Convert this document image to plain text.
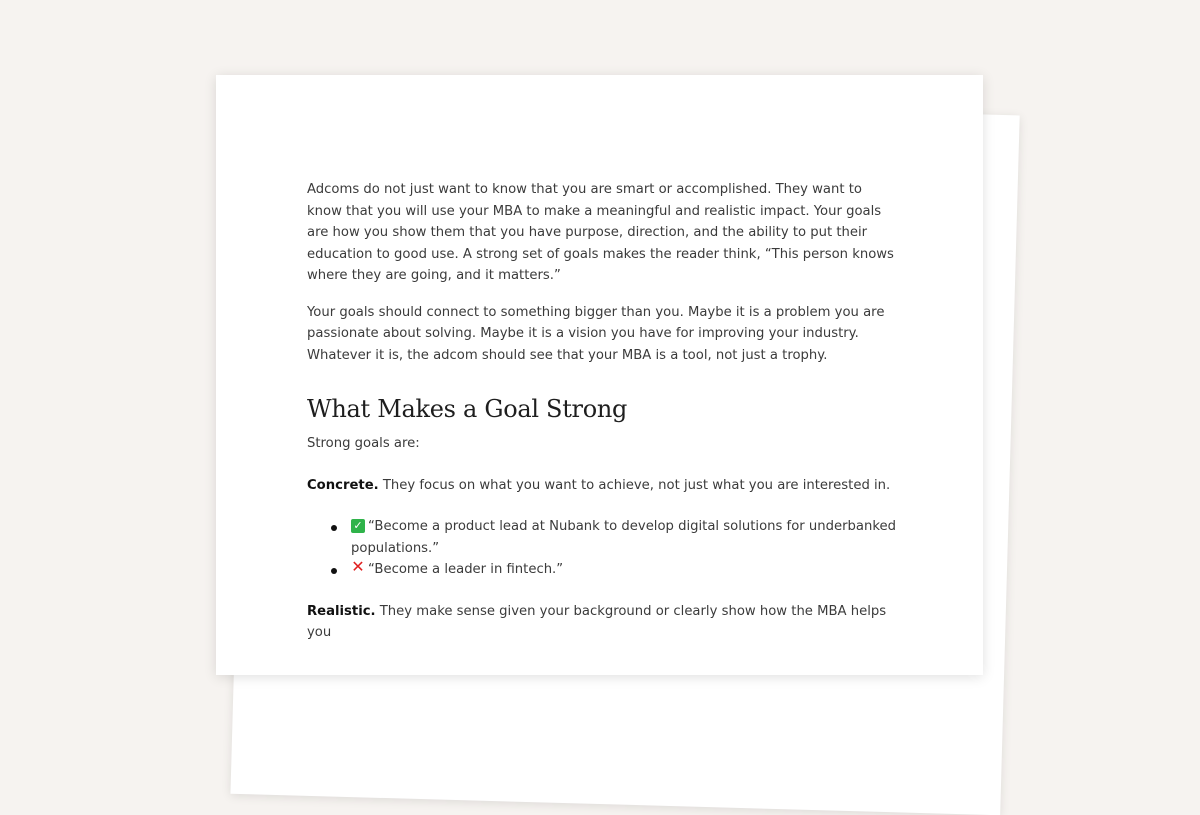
Adcoms do not just want to know that you are smart or accomplished. They want to know that you will use your MBA to make a meaningful and realistic impact. Your goals are how you show them that you have purpose, direction, and the ability to put their education to good use. A strong set of goals makes the reader think, “This person knows where they are going, and it matters.”

Your goals should connect to something bigger than you. Maybe it is a problem you are passionate about solving. Maybe it is a vision you have for improving your industry. Whatever it is, the adcom should see that your MBA is a tool, not just a trophy.

What Makes a Goal Strong

Strong goals are:

Concrete. They focus on what you want to achieve, not just what you are interested in.

✓ “Become a product lead at Nubank to develop digital solutions for underbanked populations.”
✕ “Become a leader in fintech.”

Realistic. They make sense given your background or clearly show how the MBA helps you
